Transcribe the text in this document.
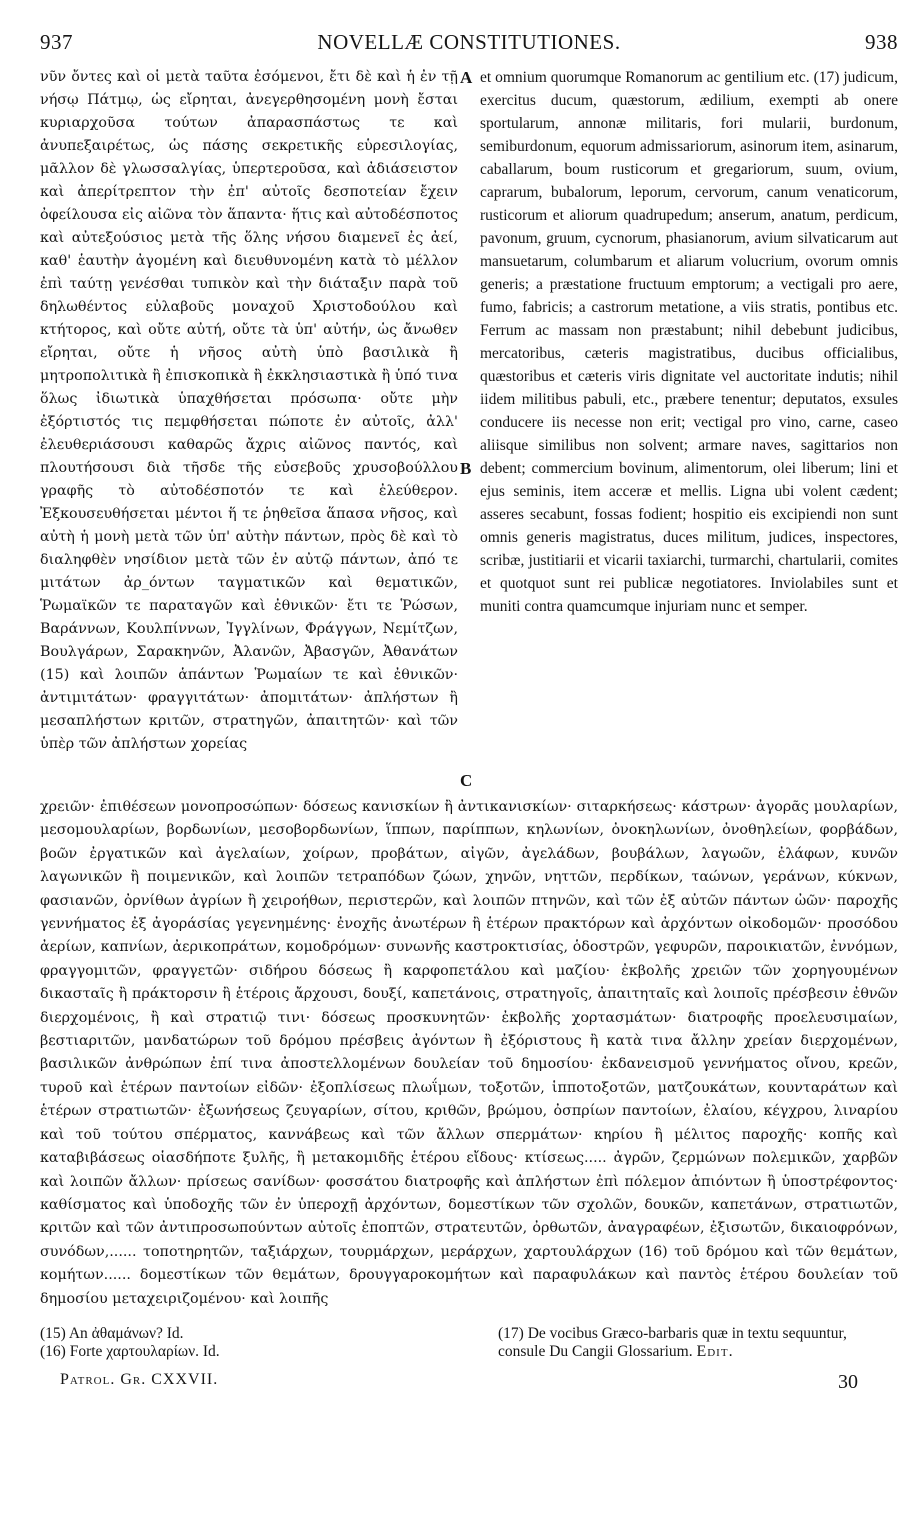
937	NOVELLÆ CONSTITUTIONES.	938
νῦν ὄντες καὶ οἱ μετὰ ταῦτα ἐσόμενοι, ἔτι δὲ καὶ ἡ ἐν τῇ νήσῳ Πάτμῳ, ὡς εἴρηται, ἀνεγερθησομένη μονὴ ἔσται κυριαρχοῦσα τούτων ἀπαρασπάστως τε καὶ ἀνυπεξαιρέτως, ὡς πάσης σεκρετικῆς εὑρεσιλογίας, μᾶλλον δὲ γλωσσαλγίας, ὑπερτεροῦσα, καὶ ἀδιάσειστον καὶ ἀπερίτρεπτον τὴν ἐπ' αὐτοῖς δεσποτείαν ἔχειν ὀφείλουσα εἰς αἰῶνα τὸν ἅπαντα· ἥτις καὶ αὐτοδέσποτος καὶ αὐτεξούσιος μετὰ τῆς ὅλης νήσου διαμενεῖ ἐς ἀεί, καθ' ἑαυτὴν ἀγομένη καὶ διευθυνομένη κατὰ τὸ μέλλον ἐπὶ ταύτῃ γενέσθαι τυπικὸν καὶ τὴν διάταξιν παρὰ τοῦ δηλωθέντος εὐλαβοῦς μοναχοῦ Χριστοδούλου καὶ κτήτορος, καὶ οὔτε αὐτή, οὔτε τὰ ὑπ' αὐτήν, ὡς ἄνωθεν εἴρηται, οὔτε ἡ νῆσος αὐτὴ ὑπὸ βασιλικὰ ἢ μητροπολιτικὰ ἢ ἐπισκοπικὰ ἢ ἐκκλησιαστικὰ ἢ ὑπό τινα ὅλως ἰδιωτικὰ ὑπαχθήσεται πρόσωπα· οὔτε μὴν ἐξόρτιστός τις πεμφθήσεται πώποτε ἐν αὐτοῖς, ἀλλ' ἐλευθεριάσουσι καθαρῶς ἄχρις αἰῶνος παντός, καὶ πλουτήσουσι διὰ τῆσδε τῆς εὐσεβοῦς χρυσοβούλλου γραφῆς τὸ αὐτοδέσποτόν τε καὶ ἐλεύθερον. Ἐξκουσευθήσεται μέντοι ἥ τε ῥηθεῖσα ἅπασα νῆσος, καὶ αὐτὴ ἡ μονὴ μετὰ τῶν ὑπ' αὐτὴν πάντων, πρὸς δὲ καὶ τὸ διαληφθὲν νησίδιον μετὰ τῶν ἐν αὐτῷ πάντων, ἀπό τε μιτάτων ἀρ_όντων ταγματικῶν καὶ θεματικῶν, Ῥωμαϊκῶν τε παραταγῶν καὶ ἐθνικῶν· ἔτι τε Ῥώσων, Βαράννων, Κουλπίννων, Ἰγγλίνων, Φράγγων, Νεμίτζων, Βουλγάρων, Σαρακηνῶν, Ἀλανῶν, Ἀβασγῶν, Ἀθανάτων (15) καὶ λοιπῶν ἁπάντων Ῥωμαίων τε καὶ ἐθνικῶν· ἀντιμιτάτων· φραγγιτάτων· ἀπομιτάτων· ἀπλήστων ἢ μεσαπλήστων κριτῶν, στρατηγῶν, ἀπαιτητῶν· καὶ τῶν ὑπὲρ τῶν ἀπλήστων χορείας
A
B
C
et omnium quorumque Romanorum ac gentilium etc. (17) judicum, exercitus ducum, quæstorum, ædilium, exempti ab onere sportularum, annonæ militaris, fori mularii, burdonum, semiburdonum, equorum admissariorum, asinorum item, asinarum, caballarum, boum rusticorum et gregariorum, suum, ovium, caprarum, bubalorum, leporum, cervorum, canum venaticorum, rusticorum et aliorum quadrupedum; anserum, anatum, perdicum, pavonum, gruum, cycnorum, phasianorum, avium silvaticarum aut mansuetarum, columbarum et aliarum volucrium, ovorum omnis generis; a præstatione fructuum emptorum; a vectigali pro aere, fumo, fabricis; a castrorum metatione, a viis stratis, pontibus etc. Ferrum ac massam non præstabunt; nihil debebunt judicibus, mercatoribus, cæteris magistratibus, ducibus officialibus, quæstoribus et cæteris viris dignitate vel auctoritate indutis; nihil iidem militibus pabuli, etc., præbere tenentur; deputatos, exsules conducere iis necesse non erit; vectigal pro vino, carne, caseo aliisque similibus non solvent; armare naves, sagittarios non debent; commercium bovinum, alimentorum, olei liberum; lini et ejus seminis, item acceræ et mellis. Ligna ubi volent cædent; asseres secabunt, fossas fodient; hospitio eis excipiendi non sunt omnis generis magistratus, duces militum, judices, inspectores, scribæ, justitiarii et vicarii taxiarchi, turmarchi, chartularii, comites et quotquot sunt rei publicæ negotiatores. Inviolabiles sunt et muniti contra quamcumque injuriam nunc et semper.

χρειῶν· ἐπιθέσεων μονοπροσώπων· δόσεως κανισκίων ἢ ἀντικανισκίων· σιταρκήσεως· κάστρων· ἀγορᾶς μουλαρίων, μεσομουλαρίων, βορδωνίων, μεσοβορδωνίων, ἵππων, παρίππων, κηλωνίων, ὀνοκηλωνίων, ὀνοθηλείων, φορβάδων, βοῶν ἐργατικῶν καὶ ἀγελαίων, χοίρων, προβάτων, αἰγῶν, ἀγελάδων, βουβάλων, λαγωῶν, ἐλάφων, κυνῶν λαγωνικῶν ἢ ποιμενικῶν, καὶ λοιπῶν τετραπόδων ζώων, χηνῶν, νηττῶν, περδίκων, ταώνων, γεράνων, κύκνων, φασιανῶν, ὀρνίθων ἀγρίων ἢ χειροήθων, περιστερῶν, καὶ λοιπῶν πτηνῶν, καὶ τῶν ἐξ αὐτῶν πάντων ὠῶν· παροχῆς γεννήματος ἐξ ἀγοράσίας γεγενημένης· ἐνοχῆς ἀνωτέρων ἢ ἑτέρων πρακτόρων καὶ ἀρχόντων οἰκοδομῶν· προσόδου ἀερίων, καπνίων, ἀερικοπράτων, κομοδρόμων· συνωνῆς καστροκτισίας, ὁδοστρῶν, γεφυρῶν, παροικιατῶν, ἐννόμων, φραγγομιτῶν, φραγγετῶν· σιδήρου δόσεως ἢ καρφοπετάλου καὶ μαζίου· ἐκβολῆς χρειῶν τῶν χορηγουμένων δικασταῖς ἢ πράκτορσιν ἢ ἑτέροις ἄρχουσι, δουξί, καπετάνοις, στρατηγοῖς, ἀπαιτηταῖς καὶ λοιποῖς πρέσβεσιν ἐθνῶν διερχομένοις, ἢ καὶ στρατιῷ τινι· δόσεως προσκυνητῶν· ἐκβολῆς χορτασμάτων· διατροφῆς προελευσιμαίων, βεστιαριτῶν, μανδατώρων τοῦ δρόμου πρέσβεις ἀγόντων ἢ ἐξόριστους ἢ κατὰ τινα ἄλλην χρείαν διερχομένων, βασιλικῶν ἀνθρώπων ἐπί τινα ἀποστελλομένων δουλείαν τοῦ δημοσίου· ἐκδανεισμοῦ γεννήματος οἴνου, κρεῶν, τυροῦ καὶ ἑτέρων παντοίων εἰδῶν· ἐξοπλίσεως πλωΐμων, τοξοτῶν, ἱπποτοξοτῶν, ματζουκάτων, κουνταράτων καὶ ἑτέρων στρατιωτῶν· ἐξωνήσεως ζευγαρίων, σίτου, κριθῶν, βρώμου, ὀσπρίων παντοίων, ἐλαίου, κέγχρου, λιναρίου καὶ τοῦ τούτου σπέρματος, καννάβεως καὶ τῶν ἄλλων σπερμάτων· κηρίου ἢ μέλιτος παροχῆς· κοπῆς καὶ καταβιβάσεως οἱασδήποτε ξυλῆς, ἢ μετακομιδῆς ἑτέρου εἴδους· κτίσεως..... ἀγρῶν, ζερμώνων πολεμικῶν, χαρβῶν καὶ λοιπῶν ἄλλων· πρίσεως σανίδων· φοσσάτου διατροφῆς καὶ ἀπλήστων ἐπὶ πόλεμον ἀπιόντων ἢ ὑποστρέφοντος· καθίσματος καὶ ὑποδοχῆς τῶν ἐν ὑπεροχῇ ἀρχόντων, δομεστίκων τῶν σχολῶν, δουκῶν, καπετάνων, στρατιωτῶν, κριτῶν καὶ τῶν ἀντιπροσωπούντων αὐτοῖς ἐποπτῶν, στρατευτῶν, ὀρθωτῶν, ἀναγραφέων, ἐξισωτῶν, δικαιοφρόνων, συνόδων,...... τοποτηρητῶν, ταξιάρχων, τουρμάρχων, μεράρχων, χαρτουλάρχων (16) τοῦ δρόμου καὶ τῶν θεμάτων, κομήτων...... δομεστίκων τῶν θεμάτων, δρουγγαροκομήτων καὶ παραφυλάκων καὶ παντὸς ἑτέρου δουλείαν τοῦ δημοσίου μεταχειριζομένου· καὶ λοιπῆς

(15) Αn ἀθαμάνων? Ιd.
(16) Forte χαρτουλαρίων. Ιd.
(17) De vocibus Græco-barbaris quæ in textu sequuntur, consule Du Cangii Glossarium. Edit.
Patrol. Gr. CXXVII.	30
